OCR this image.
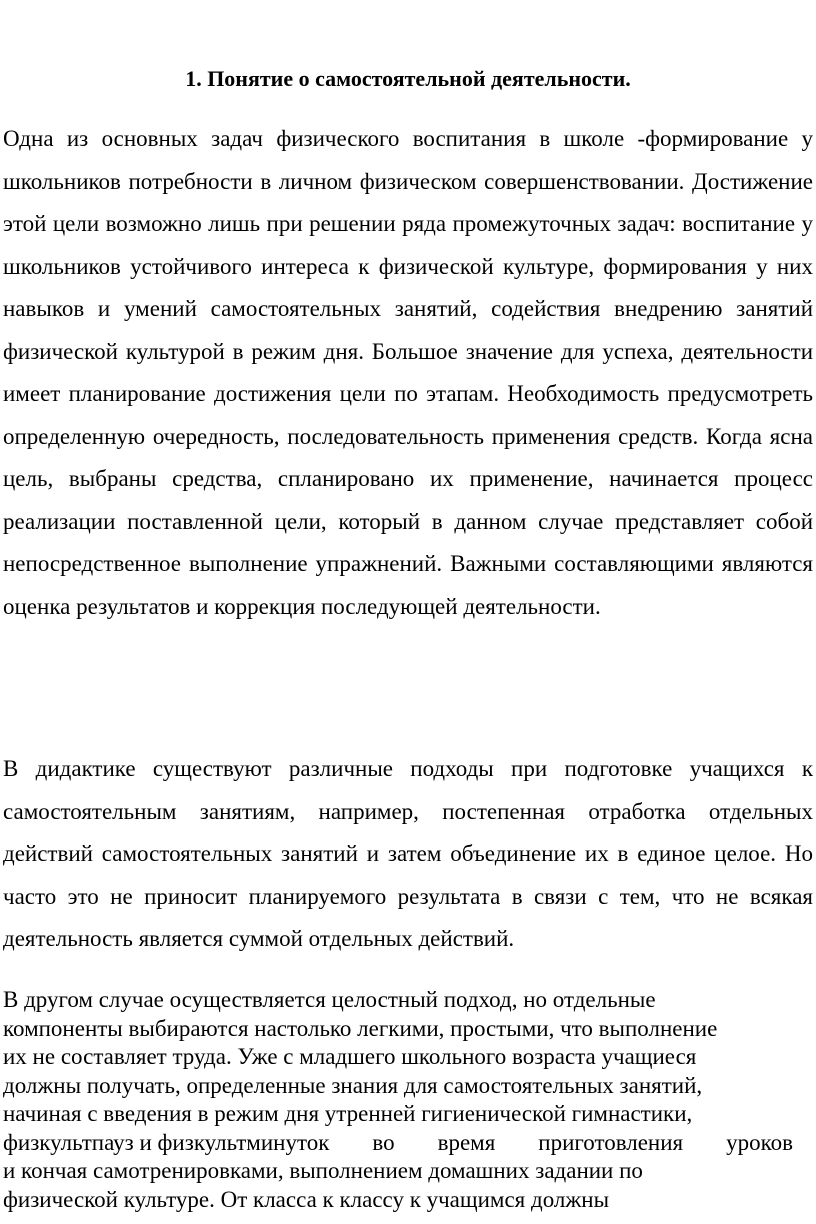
1. Понятие о самостоятельной деятельности.

Одна из основных задач физического воспитания в школе -формирование у школьников потребности в личном физическом совершенствовании. Достижение этой цели возможно лишь при решении ряда промежуточных задач: воспитание у школьников устойчивого интереса к физической культуре, формирования у них навыков и умений самостоятельных занятий, содействия внедрению занятий физической культурой в режим дня. Большое значение для успеха, деятельности имеет планирование достижения цели по этапам. Необходимость предусмотреть определенную очередность, последовательность применения средств. Когда ясна цель, выбраны средства, спланировано их применение, начинается процесс реализации поставленной цели, который в данном случае представляет собой непосредственное выполнение упражнений. Важными составляющими являются оценка результатов и коррекция последующей деятельности.

В дидактике существуют различные подходы при подготовке учащихся к самостоятельным занятиям, например, постепенная отработка отдельных действий самостоятельных занятий и затем объединение их в единое целое. Но часто это не приносит планируемого результата в связи с тем, что не всякая деятельность является суммой отдельных действий.

В другом случае осуществляется целостный подход, но отдельные
компоненты выбираются настолько легкими, простыми, что выполнение
их не составляет труда. Уже с младшего школьного возраста учащиеся
должны получать, определенные знания для самостоятельных занятий,
начиная с введения в режим дня утренней гигиенической гимнастики,
физкультпауз и физкультминуток во время приготовления уроков
и кончая самотренировками, выполнением домашних задании по
физической культуре. От класса к классу к учащимся должны
